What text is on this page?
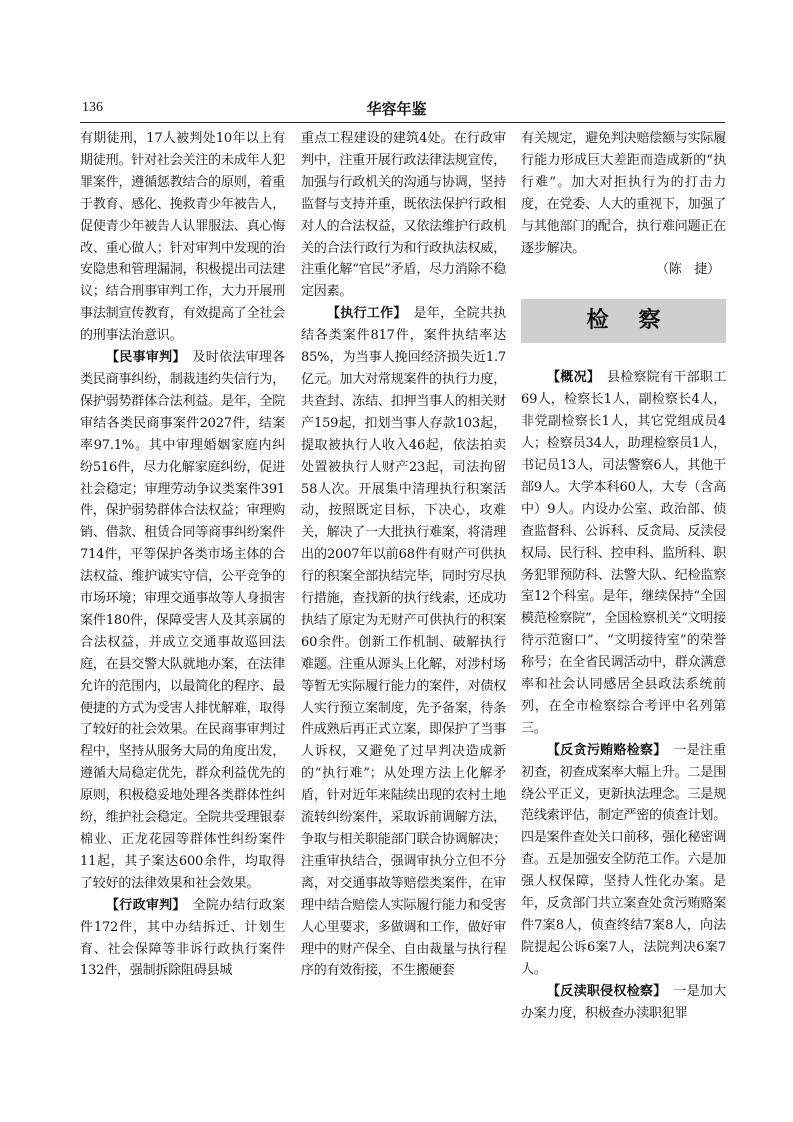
136	华容年鉴

有期徒刑，17人被判处10年以上有期徒刑。针对社会关注的未成年人犯罪案件，遵循惩教结合的原则，着重于教育、感化、挽救青少年被告人，促使青少年被告人认罪服法、真心悔改、重心做人；针对审判中发现的治安隐患和管理漏洞，积极提出司法建议；结合刑事审判工作，大力开展刑事法制宣传教育，有效提高了全社会的刑事法治意识。

【民事审判】　 及时依法审理各类民商事纠纷，制裁违约失信行为，保护弱势群体合法利益。是年，全院审结各类民商事案件2027件，结案率97.1%。其中审理婚姻家庭内纠纷516件，尽力化解家庭纠纷，促进社会稳定；审理劳动争议类案件391件，保护弱势群体合法权益；审理购销、借款、租赁合同等商事纠纷案件714件，平等保护各类市场主体的合法权益、维护诚实守信，公平竞争的市场环境；审理交通事故等人身损害案件180件，保障受害人及其亲属的合法权益，并成立交通事故巡回法庭，在县交警大队就地办案，在法律允许的范围内，以最简化的程序、最便捷的方式为受害人排忧解难，取得了较好的社会效果。在民商事审判过程中，坚持从服务大局的角度出发，遵循大局稳定优先，群众利益优先的原则，积极稳妥地处理各类群体性纠纷，维护社会稳定。全院共受理银泰棉业、正龙花园等群体性纠纷案件11起，其子案达600余件，均取得了较好的法律效果和社会效果。

【行政审判】　 全院办结行政案件172件，其中办结拆迁、计划生育、社会保障等非诉行政执行案件132件，强制拆除阻碍县城

重点工程建设的建筑4处。在行政审判中，注重开展行政法律法规宣传，加强与行政机关的沟通与协调，坚持监督与支持并重，既依法保护行政相对人的合法权益，又依法维护行政机关的合法行政行为和行政执法权威，注重化解“官民”矛盾，尽力消除不稳定因素。

【执行工作】　 是年，全院共执结各类案件817件，案件执结率达85%，为当事人挽回经济损失近1.7亿元。加大对常规案件的执行力度，共查封、冻结、扣押当事人的相关财产159起，扣划当事人存款103起，提取被执行人收入46起，依法拍卖处置被执行人财产23起，司法拘留58人次。开展集中清理执行积案活动，按照既定目标，下决心，攻难关，解决了一大批执行难案，将清理出的2007年以前68件有财产可供执行的积案全部执结完毕，同时穷尽执行措施，查找新的执行线索，还成功执结了原定为无财产可供执行的积案60余件。创新工作机制、破解执行难题。注重从源头上化解，对涉村场等暂无实际履行能力的案件，对债权人实行预立案制度，先予备案，待条件成熟后再正式立案，即保护了当事人诉权，又避免了过早判决造成新的“执行难”；从处理方法上化解矛盾，针对近年来陆续出现的农村土地流转纠纷案件，采取诉前调解方法，争取与相关职能部门联合协调解决；注重审执结合，强调审执分立但不分离，对交通事故等赔偿类案件，在审理中结合赔偿人实际履行能力和受害人心里要求，多做调和工作，做好审理中的财产保全、自由裁量与执行程序的有效衔接，不生搬硬套

有关规定，避免判决赔偿额与实际履行能力形成巨大差距而造成新的“执行难”。加大对拒执行为的打击力度，在党委、人大的重视下，加强了与其他部门的配合，执行难问题正在逐步解决。

（陈　捷）

检察

【概况】　 县检察院有干部职工69人，检察长1人，副检察长4人，非党副检察长1人，其它党组成员4人；检察员34人，助理检察员1人，书记员13人，司法警察6人，其他干部9人。大学本科60人，大专（含高中）9人。内设办公室、政治部、侦查监督科、公诉科、反贪局、反渎侵权局、民行科、控申科、监所科、职务犯罪预防科、法警大队、纪检监察室12个科室。是年，继续保持“全国模范检察院”，全国检察机关“文明接待示范窗口”、“文明接待室”的荣誉称号；在全省民调活动中，群众满意率和社会认同感居全县政法系统前列，在全市检察综合考评中名列第三。

【反贪污贿赂检察】　 一是注重初查，初查成案率大幅上升。二是围绕公平正义，更新执法理念。三是规范线索评估，制定严密的侦查计划。四是案件查处关口前移，强化秘密调查。五是加强安全防范工作。六是加强人权保障，坚持人性化办案。是年，反贪部门共立案查处贪污贿赂案件7案8人，侦查终结7案8人，向法院提起公诉6案7人，法院判决6案7人。

【反渎职侵权检察】　 一是加大办案力度，积极查办渎职犯罪
